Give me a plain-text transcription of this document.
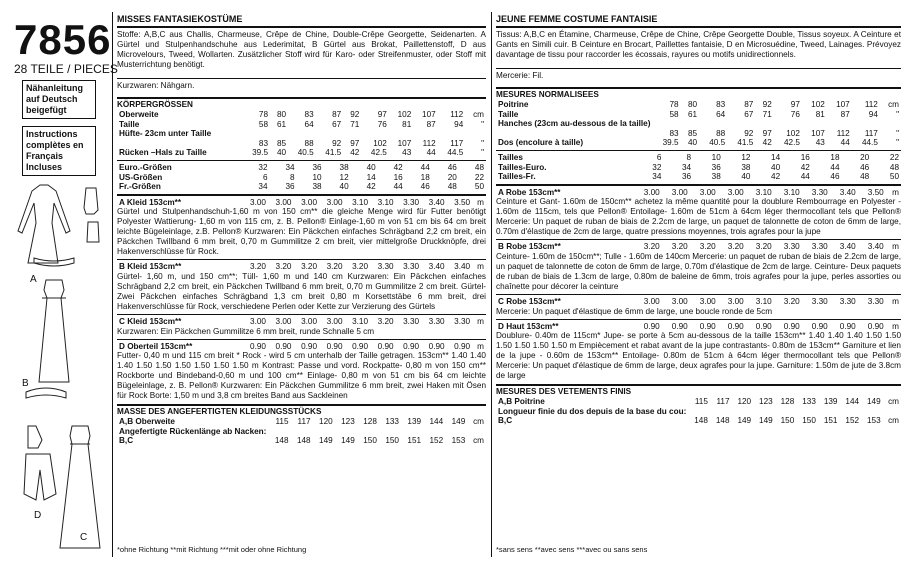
7856
28 TEILE / PIECES
Nähanleitung auf Deutsch beigefügt
Instructions complètes en Français Incluses
A
B
D
C
MISSES FANTASIEKOSTÜME
Stoffe: A,B,C aus Challis, Charmeuse, Crêpe de Chine, Double-Crêpe Georgette, Seidenarten. A Gürtel und Stulpenhandschuhe aus Lederimitat, B Gürtel aus Brokat, Paillettenstoff, D aus Microvelours, Tweed, Wollarten. Zusätzlicher Stoff wird für Karo- oder Streifenmuster, oder Stoff mit Musterrichtung benötigt.
Kurzwaren: Nähgarn.
KÖRPERGRÖSSEN
Oberweite	78	80	83	87	92	97	102	107	112	cm
Taille	58	61	64	67	71	76	81	87	94	"
Hüfte- 23cm unter Taille										
	83	85	88	92	97	102	107	112	117	"
Rücken –Hals zu Taille	39.5	40	40.5	41.5	42	42.5	43	44	44.5	"
Euro.-Größen	32	34	36	38	40	42	44	46	48
US-Größen	6	8	10	12	14	16	18	20	22
Fr.-Größen	34	36	38	40	42	44	46	48	50
A Kleid 153cm**	3.00	3.00	3.00	3.00	3.10	3.10	3.30	3.40	3.50	m
Gürtel und Stulpenhandschuh-1,60 m von 150 cm** die gleiche Menge wird für Futter benötigt Polyester Wattierung- 1,60 m von 115 cm, z. B. Pellon® Einlage-1,60 m von 51 cm bis 64 cm breit leichte Bügeleinlage, z.B. Pellon® Kurzwaren: Ein Päckchen einfaches Schrägband 2,2 cm breit, ein Päckchen Twillband 6 mm breit, 0,70 m Gummilitze 2 cm breit, vier mittelgroße Druckknöpfe, drei Hakenverschlüsse für Rock.
B Kleid 153cm**	3.20	3.20	3.20	3.20	3.20	3.30	3.30	3.40	3.40	m
Gürtel- 1,60 m, und 150 cm**; Tüll- 1,60 m und 140 cm Kurzwaren: Ein Päckchen einfaches Schrägband 2,2 cm breit, ein Päckchen Twillband 6 mm breit, 0,70 m Gummilitze 2 cm breit. Gürtel- Zwei Päckchen einfaches Schrägband 1,3 cm breit 0,80 m Korsettstäbe 6 mm breit, drei Hakenverschlüsse für Rock, verschiedene Perlen oder Kette zur Verzierung des Gürtels
C Kleid 153cm**	3.00	3.00	3.00	3.00	3.10	3.20	3.30	3.30	3.30	m
Kurzwaren: Ein Päckchen Gummilitze 6 mm breit, runde Schnalle 5 cm
D Oberteil 153cm**	0.90	0.90	0.90	0.90	0.90	0.90	0.90	0.90	0.90	m
Futter- 0,40 m und 115 cm breit * Rock - wird 5 cm unterhalb der Taille getragen. 153cm** 1.40 1.40 1.40 1.50 1.50 1.50 1.50 1.50 1.50 m Kontrast: Passe und vord. Rockpatte- 0,80 m von 150 cm** Rockborte und Bindeband-0,60 m und 100 cm** Einlage- 0,80 m von 51 cm bis 64 cm leichte Bügeleinlage, z. B. Pellon® Kurzwaren: Ein Päckchen Gummilitze 6 mm breit, zwei Haken mit Ösen für Rock Borte: 1,50 m und 3,8 cm breites Band aus Sackleinen
MASSE DES ANGEFERTIGTEN KLEIDUNGSSTÜCKS
A,B Oberweite	115	117	120	123	128	133	139	144	149	cm
Angefertigte Rückenlänge ab Nacken:										
B,C	148	148	149	149	150	150	151	152	153	cm
*ohne Richtung **mit Richtung ***mit oder ohne Richtung
JEUNE FEMME COSTUME FANTAISIE
Tissus: A,B,C en Étamine, Charmeuse, Crêpe de Chine, Crêpe Georgette Double, Tissus soyeux. A Ceinture et Gants en Simili cuir. B Ceinture en Brocart, Paillettes fantaisie, D en Microsuédine, Tweed, Lainages. Prévoyez davantage de tissu pour raccorder les écossais, rayures ou motifs unidirectionnels.
Mercerie: Fil.
MESURES NORMALISEES
Poitrine	78	80	83	87	92	97	102	107	112	cm
Taille	58	61	64	67	71	76	81	87	94	"
Hanches (23cm au-dessous de la taille)										
	83	85	88	92	97	102	107	112	117	"
Dos (encolure à taille)	39.5	40	40.5	41.5	42	42.5	43	44	44.5	"
Tailles	6	8	10	12	14	16	18	20	22
Tailles-Euro.	32	34	36	38	40	42	44	46	48
Tailles-Fr.	34	36	38	40	42	44	46	48	50
A Robe 153cm**	3.00	3.00	3.00	3.00	3.10	3.10	3.30	3.40	3.50	m
Ceinture et Gant- 1.60m de 150cm** achetez la même quantité pour la doublure Rembourrage en Polyester - 1.60m de 115cm, tels que Pellon® Entoilage- 1.60m de 51cm à 64cm léger thermocollant tels que Pellon® Mercerie: Un paquet de ruban de biais de 2.2cm de large, un paquet de talonnette de coton de 6mm de large, 0.70m d'élastique de 2cm de large, quatre pressions moyennes, trois agrafes pour la jupe
B Robe 153cm**	3.20	3.20	3.20	3.20	3.20	3.30	3.30	3.40	3.40	m
Ceinture- 1.60m de 150cm**; Tulle - 1.60m de 140cm Mercerie: un paquet de ruban de biais de 2.2cm de large, un paquet de talonnette de coton de 6mm de large, 0.70m d'élastique de 2cm de large. Ceinture- Deux paquets de ruban de biais de 1.3cm de large, 0.80m de baleine de 6mm, trois agrafes pour la jupe, perles assorties ou chaînette pour décorer la ceinture
C Robe 153cm**	3.00	3.00	3.00	3.00	3.10	3.20	3.30	3.30	3.30	m
Mercerie: Un paquet d'élastique de 6mm de large, une boucle ronde de 5cm
D Haut 153cm**	0.90	0.90	0.90	0.90	0.90	0.90	0.90	0.90	0.90	m
Doublure- 0.40m de 115cm* Jupe- se porte à 5cm au-dessous de la taille 153cm** 1.40 1.40 1.40 1.50 1.50 1.50 1.50 1.50 1.50 m Empiècement et rabat avant de la jupe contrastants- 0.80m de 153cm** Garniture et lien de la jupe - 0.60m de 153cm** Entoilage- 0.80m de 51cm à 64cm léger thermocollant tels que Pellon® Mercerie: Un paquet d'élastique de 6mm de large, deux agrafes pour la jupe. Garniture: 1.50m de jute de 3.8cm de large
MESURES DES VETEMENTS FINIS
A,B Poitrine	115	117	120	123	128	133	139	144	149	cm
Longueur finie du dos depuis de la base du cou:										
B,C	148	148	149	149	150	150	151	152	153	cm
*sans sens **avec sens ***avec ou sans sens
